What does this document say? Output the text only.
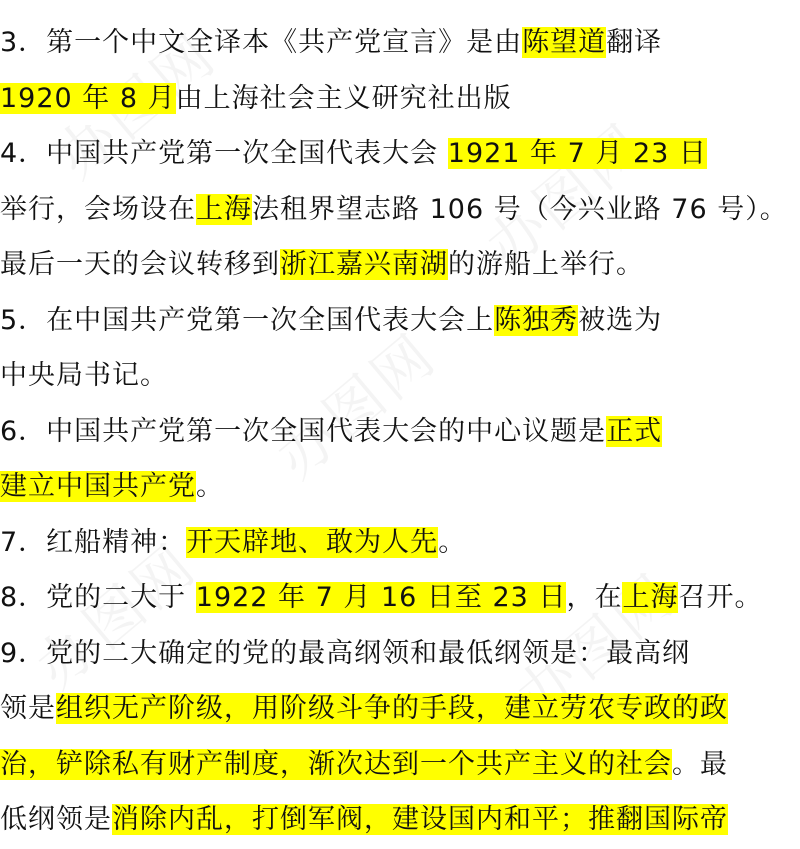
3．第一个中文全译本《共产党宣言》是由陈望道翻译
1920 年 8 月由上海社会主义研究社出版
4．中国共产党第一次全国代表大会 1921 年 7 月 23 日
举行，会场设在上海法租界望志路 106 号（今兴业路 76 号）。
最后一天的会议转移到浙江嘉兴南湖的游船上举行。
5．在中国共产党第一次全国代表大会上陈独秀被选为
中央局书记。
6．中国共产党第一次全国代表大会的中心议题是正式
建立中国共产党。
7．红船精神：开天辟地、敢为人先。
8．党的二大于 1922 年 7 月 16 日至 23 日，在上海召开。
9．党的二大确定的党的最高纲领和最低纲领是：最高纲
领是组织无产阶级，用阶级斗争的手段，建立劳农专政的政
治，铲除私有财产制度，渐次达到一个共产主义的社会。最
低纲领是消除内乱，打倒军阀，建设国内和平；推翻国际帝
